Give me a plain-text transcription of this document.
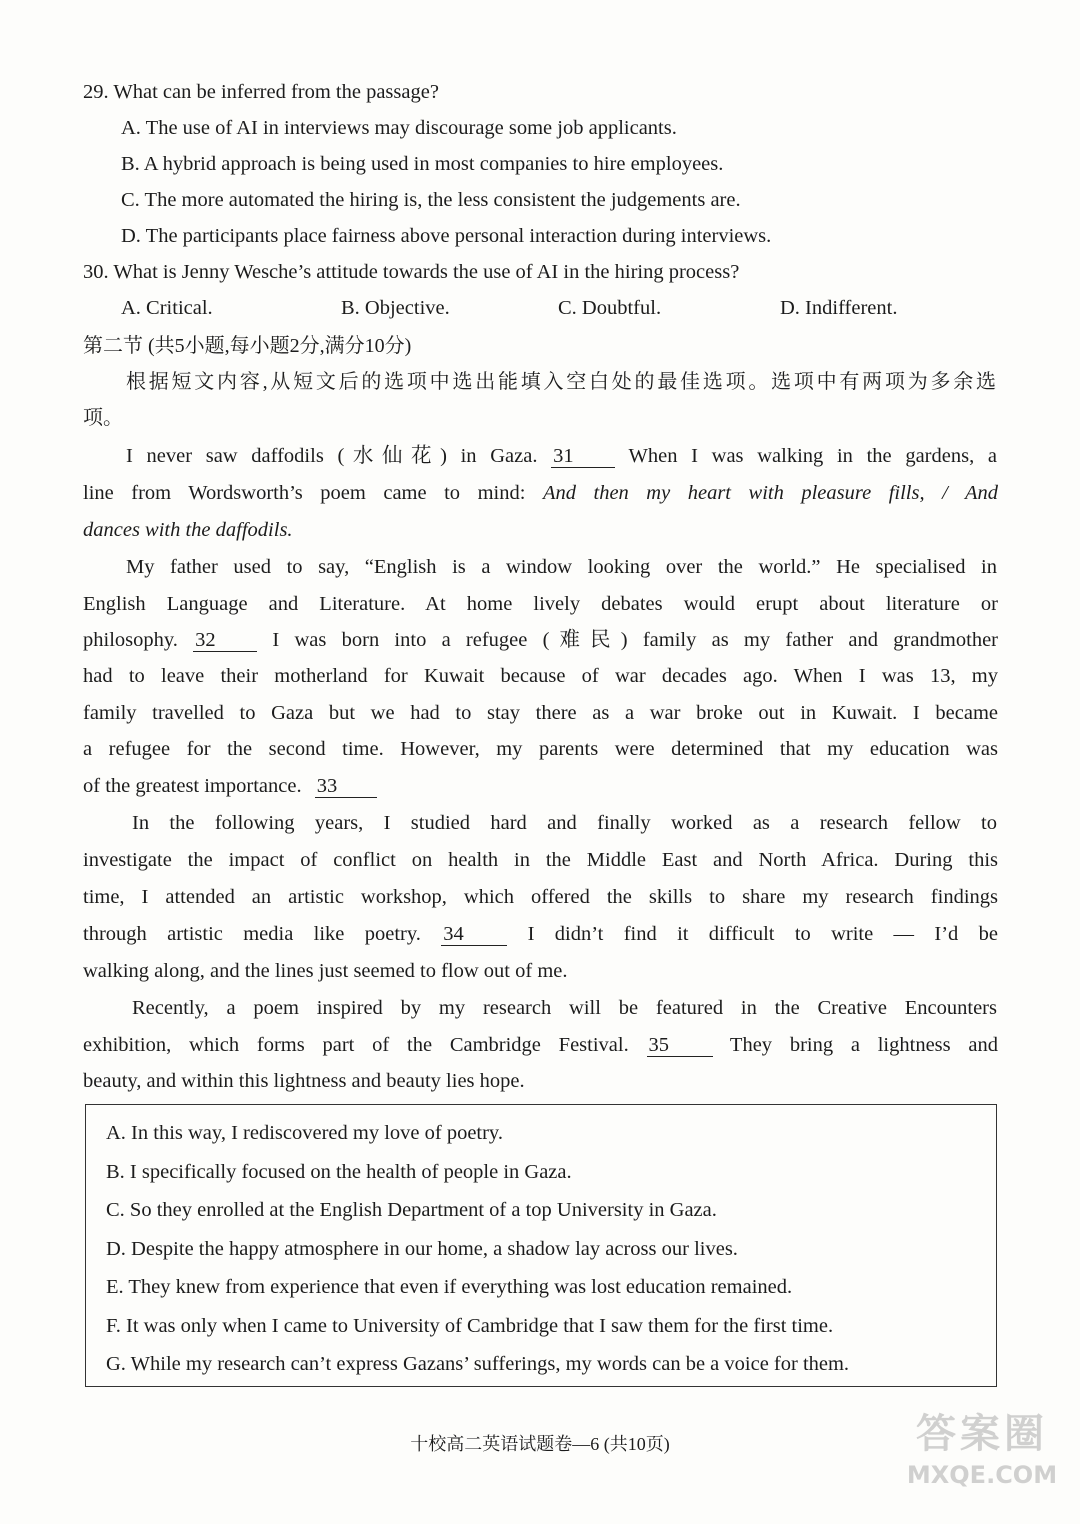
29. What can be inferred from the passage?
A. The use of AI in interviews may discourage some job applicants.
B. A hybrid approach is being used in most companies to hire employees.
C. The more automated the hiring is, the less consistent the judgements are.
D. The participants place fairness above personal interaction during interviews.
30. What is Jenny Wesche’s attitude towards the use of AI in the hiring process?
A. Critical.	B. Objective.	C. Doubtful.	D. Indifferent.
第二节 (共5小题,每小题2分,满分10分)
根据短文内容,从短文后的选项中选出能填入空白处的最佳选项。选项中有两项为多余选
项。
I never saw daffodils (水仙花) in Gaza. 31	When I was walking in the gardens, a
line from Wordsworth’s poem came to mind: And then my heart with pleasure fills, / And
dances with the daffodils.
My father used to say, “English is a window looking over the world.” He specialised in
English Language and Literature. At home lively debates would erupt about literature or
philosophy. 32	I was born into a refugee (难民) family as my father and grandmother
had to leave their motherland for Kuwait because of war decades ago. When I was 13, my
family travelled to Gaza but we had to stay there as a war broke out in Kuwait. I became
a refugee for the second time. However, my parents were determined that my education was
of the greatest importance. 33
In the following years, I studied hard and finally worked as a research fellow to
investigate the impact of conflict on health in the Middle East and North Africa. During this
time, I attended an artistic workshop, which offered the skills to share my research findings
through artistic media like poetry. 34	I didn’t find it difficult to write — I’d be
walking along, and the lines just seemed to flow out of me.
Recently, a poem inspired by my research will be featured in the Creative Encounters
exhibition, which forms part of the Cambridge Festival. 35	They bring a lightness and
beauty, and within this lightness and beauty lies hope.
A. In this way, I rediscovered my love of poetry.
B. I specifically focused on the health of people in Gaza.
C. So they enrolled at the English Department of a top University in Gaza.
D. Despite the happy atmosphere in our home, a shadow lay across our lives.
E. They knew from experience that even if everything was lost education remained.
F. It was only when I came to University of Cambridge that I saw them for the first time.
G. While my research can’t express Gazans’ sufferings, my words can be a voice for them.
十校高二英语试题卷—6 (共10页)	答案圈
MXQE.COM
